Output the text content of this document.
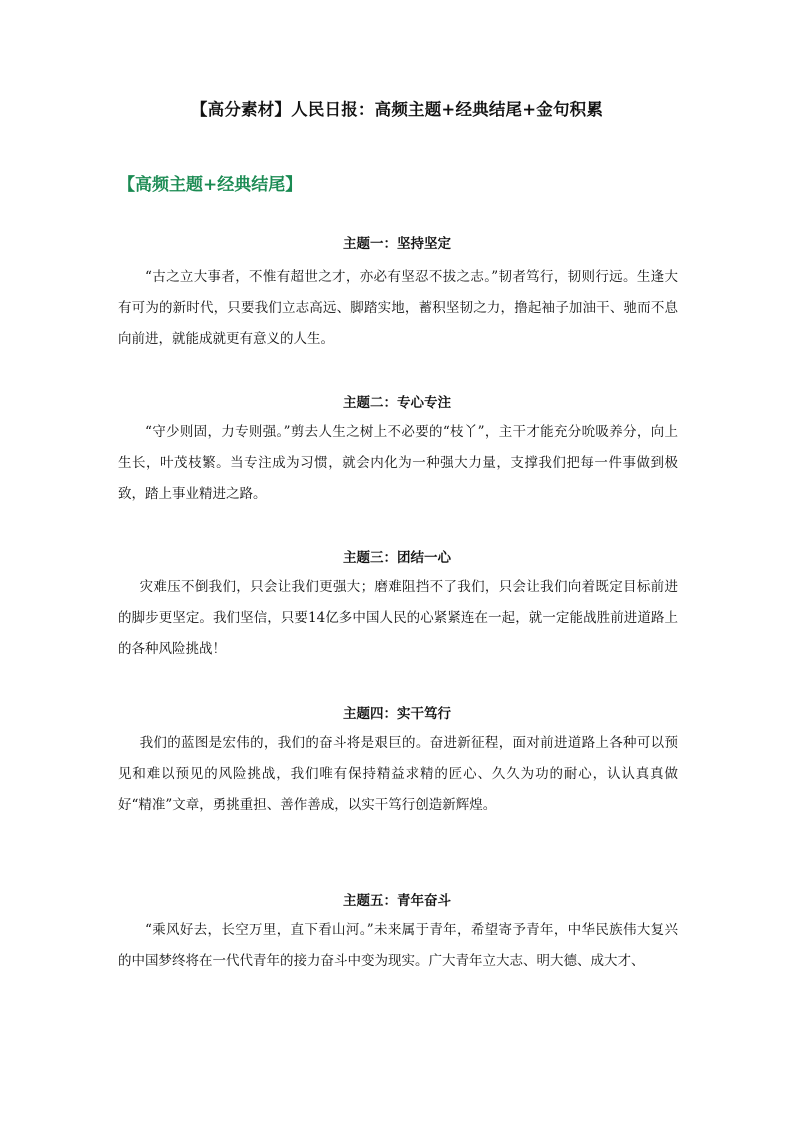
【高分素材】人民日报：高频主题+经典结尾+金句积累
【高频主题+经典结尾】
主题一：坚持坚定
“古之立大事者，不惟有超世之才，亦必有坚忍不拔之志。”韧者笃行，韧则行远。生逢大有可为的新时代，只要我们立志高远、脚踏实地，蓄积坚韧之力，撸起袖子加油干、驰而不息向前进，就能成就更有意义的人生。
主题二：专心专注
“守少则固，力专则强。”剪去人生之树上不必要的“枝丫”，主干才能充分吮吸养分，向上生长，叶茂枝繁。当专注成为习惯，就会内化为一种强大力量，支撑我们把每一件事做到极致，踏上事业精进之路。
主题三：团结一心
灾难压不倒我们，只会让我们更强大；磨难阻挡不了我们，只会让我们向着既定目标前进的脚步更坚定。我们坚信，只要14亿多中国人民的心紧紧连在一起，就一定能战胜前进道路上的各种风险挑战！
主题四：实干笃行
我们的蓝图是宏伟的，我们的奋斗将是艰巨的。奋进新征程，面对前进道路上各种可以预见和难以预见的风险挑战，我们唯有保持精益求精的匠心、久久为功的耐心，认认真真做好“精准”文章，勇挑重担、善作善成，以实干笃行创造新辉煌。
主题五：青年奋斗
“乘风好去，长空万里，直下看山河。”未来属于青年，希望寄予青年，中华民族伟大复兴的中国梦终将在一代代青年的接力奋斗中变为现实。广大青年立大志、明大德、成大才、
